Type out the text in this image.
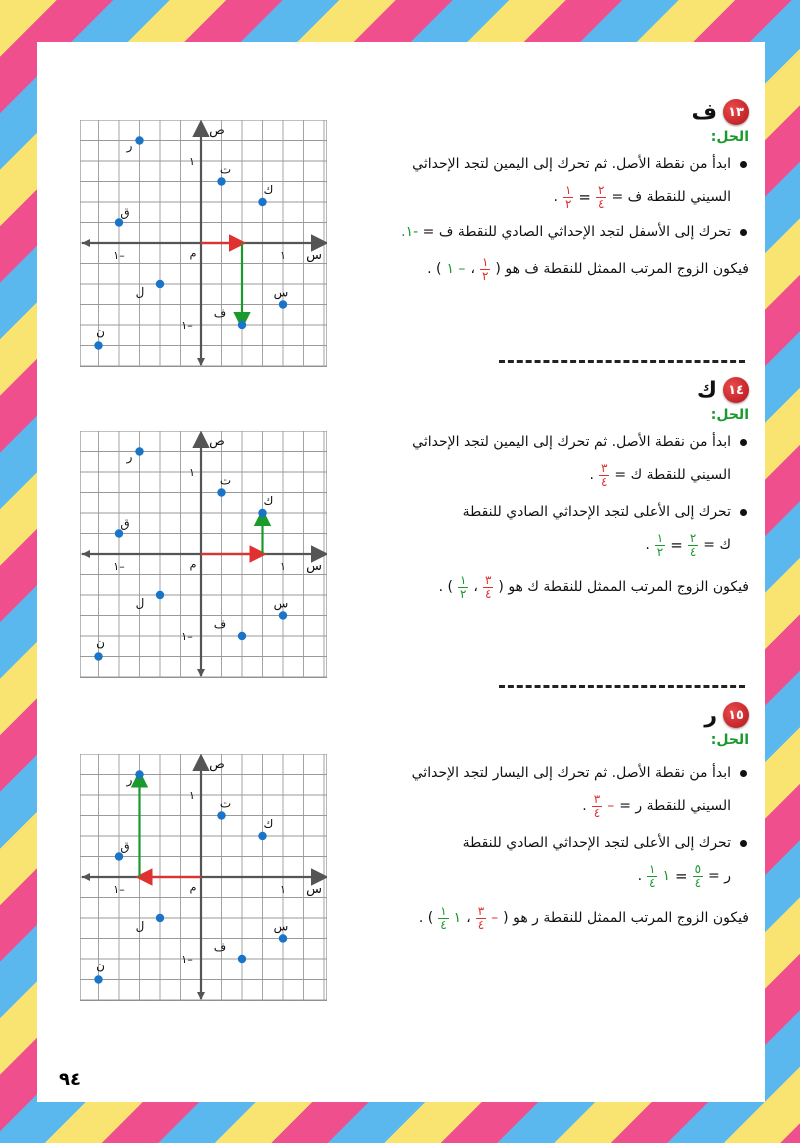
ص
س
م	١
١–
١
١–
ر
ت
ك
ق
ل	س
ف
ن
١٣
ف
الحل:
ابدأ من نقطة الأصل. ثم تحرك إلى اليمين لتجد الإحداثي
السيني للنقطة ف =
$\frac{٢}{٤}$
=
$\frac{١}{٢}$
.
تحرك إلى الأسفل لتجد الإحداثي الصادي للنقطة ف = -١.
فيكون الزوج المرتب الممثل للنقطة ف هو (
$\frac{١}{٢}$
،
– ١
) .
ص
س
م	١
١–
١
١–
ر
ت
ك
ق
ل	س
ف
ن
١٤
ك
الحل:
ابدأ من نقطة الأصل. ثم تحرك إلى اليمين لتجد الإحداثي
السيني للنقطة ك =
$\frac{٣}{٤}$
.
تحرك إلى الأعلى لتجد الإحداثي الصادي للنقطة
ك =
$\frac{٢}{٤}$
=
$\frac{١}{٢}$
.
فيكون الزوج المرتب الممثل للنقطة ك هو (
$\frac{٣}{٤}$
،
$\frac{١}{٢}$
) .
ص
س
م	١
١–
١
١–
ر
ت
ك
ق
ل	س
ف
ن
١٥
ر
الحل:
ابدأ من نقطة الأصل. ثم تحرك إلى اليسار لتجد الإحداثي
السيني للنقطة ر =
–
$\frac{٣}{٤}$
.
تحرك إلى الأعلى لتجد الإحداثي الصادي للنقطة
ر =
$\frac{٥}{٤}$
=
١
$\frac{١}{٤}$
.
فيكون الزوج المرتب الممثل للنقطة ر هو (
–
$\frac{٣}{٤}$
،
١
$\frac{١}{٤}$
) .
٩٤
